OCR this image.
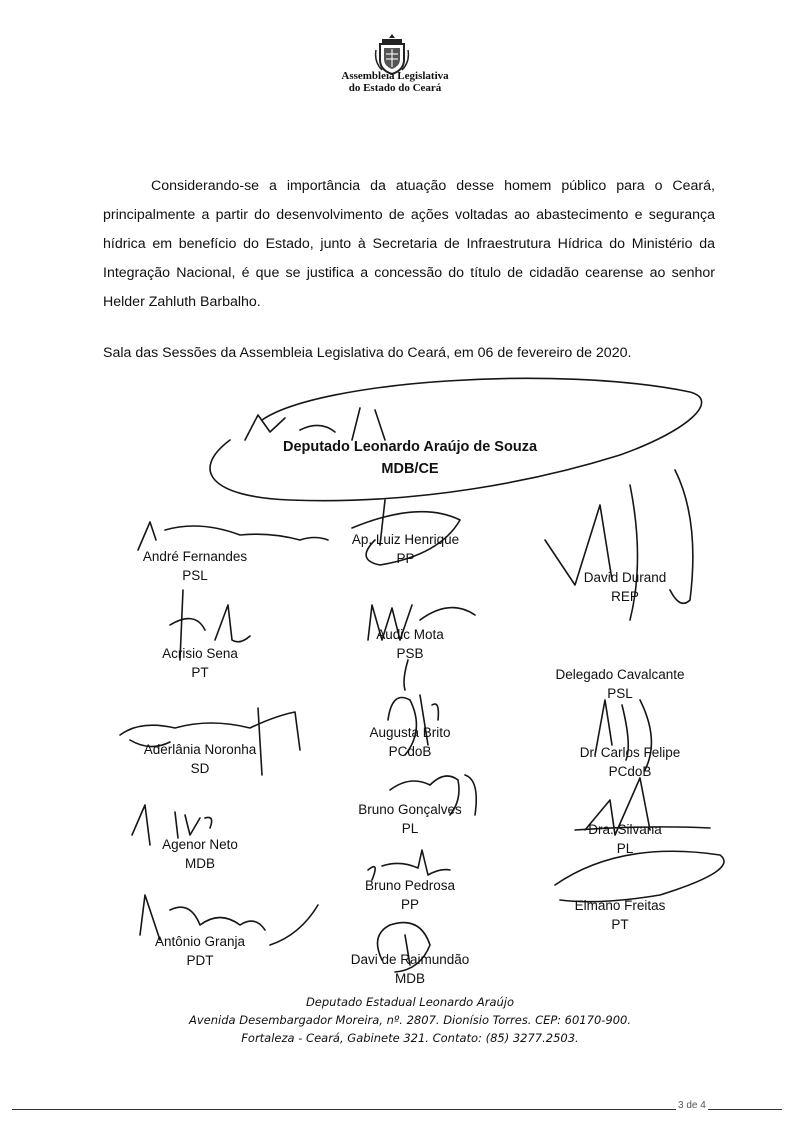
Assembleia Legislativa
do Estado do Ceará
Considerando-se a importância da atuação desse homem público para o Ceará, principalmente a partir do desenvolvimento de ações voltadas ao abastecimento e segurança hídrica em benefício do Estado, junto à Secretaria de Infraestrutura Hídrica do Ministério da Integração Nacional, é que se justifica a concessão do título de cidadão cearense ao senhor Helder Zahluth Barbalho.
Sala das Sessões da Assembleia Legislativa do Ceará, em 06 de fevereiro de 2020.
Deputado Leonardo Araújo de Souza
MDB/CE
André Fernandes
PSL
Ap. Luiz Henrique
PP
David Durand
REP
Acrisio Sena
PT
Audic Mota
PSB
Delegado Cavalcante
PSL
Aderlânia Noronha
SD
Augusta Brito
PCdoB	Dr. Carlos Felipe
PCdoB
Bruno Gonçalves
PL
Agenor Neto
MDB
Dra. Silvana
PL
Bruno Pedrosa
PP	Elmano Freitas
PT
Antônio Granja
PDT	Davi de Raimundão
MDB
Deputado Estadual Leonardo Araújo
Avenida Desembargador Moreira, nº. 2807. Dionísio Torres. CEP: 60170-900.
Fortaleza - Ceará, Gabinete 321. Contato: (85) 3277.2503.
3 de 4
